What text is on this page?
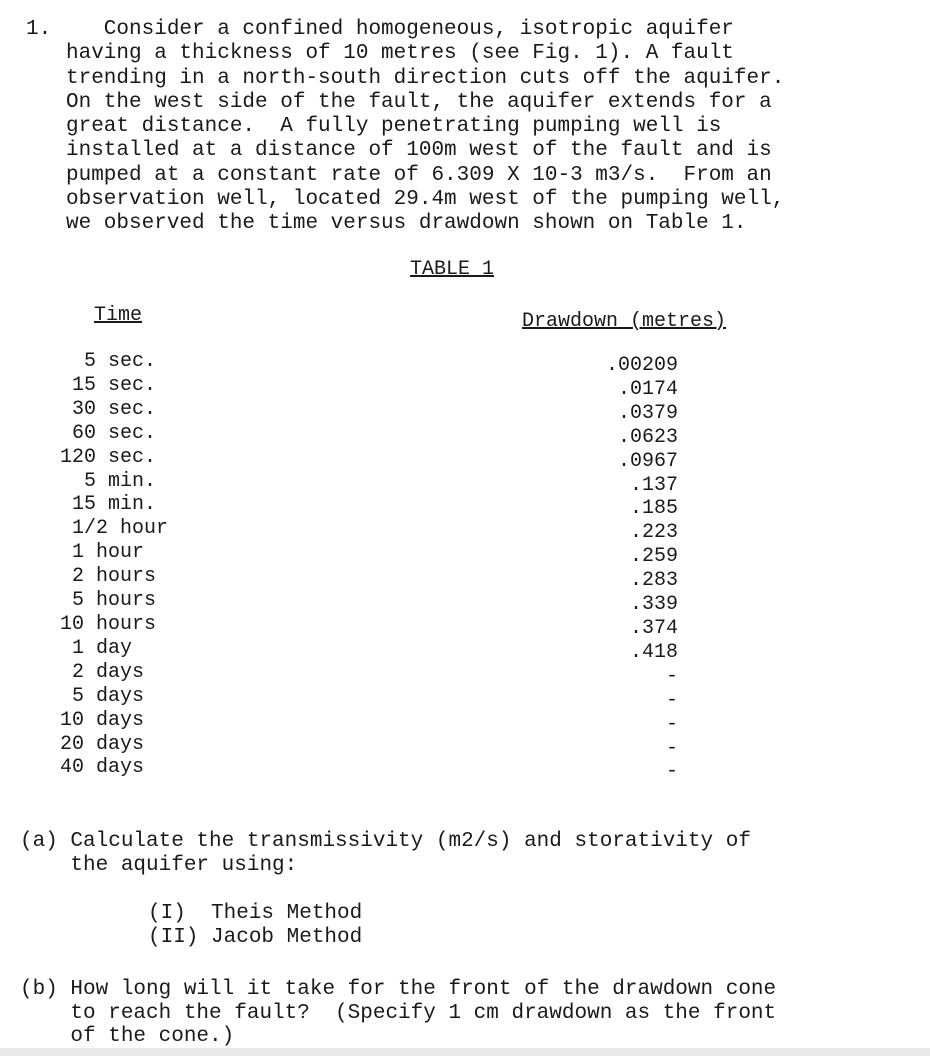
1. Consider a confined homogeneous, isotropic aquifer
having a thickness of 10 metres (see Fig. 1). A fault
trending in a north-south direction cuts off the aquifer.
On the west side of the fault, the aquifer extends for a
great distance.  A fully penetrating pumping well is
installed at a distance of 100m west of the fault and is
pumped at a constant rate of 6.309 X 10-3 m3/s.  From an
observation well, located 29.4m west of the pumping well,
we observed the time versus drawdown shown on Table 1.
TABLE 1
Time	Drawdown (metres)
5 sec.
15 sec.
30 sec.
60 sec.
120 sec.
5 min.
15 min.
1/2 hour
1 hour
2 hours
5 hours
10 hours
1 day
2 days
5 days
10 days
20 days
40 days
.00209
.0174
.0379
.0623
.0967
.137
.185
.223
.259
.283
.339
.374
.418
-
-
-
-
-
(a) Calculate the transmissivity (m2/s) and storativity of
the aquifer using:
(I)  Theis Method
(II) Jacob Method
(b) How long will it take for the front of the drawdown cone
to reach the fault?  (Specify 1 cm drawdown as the front
of the cone.)
